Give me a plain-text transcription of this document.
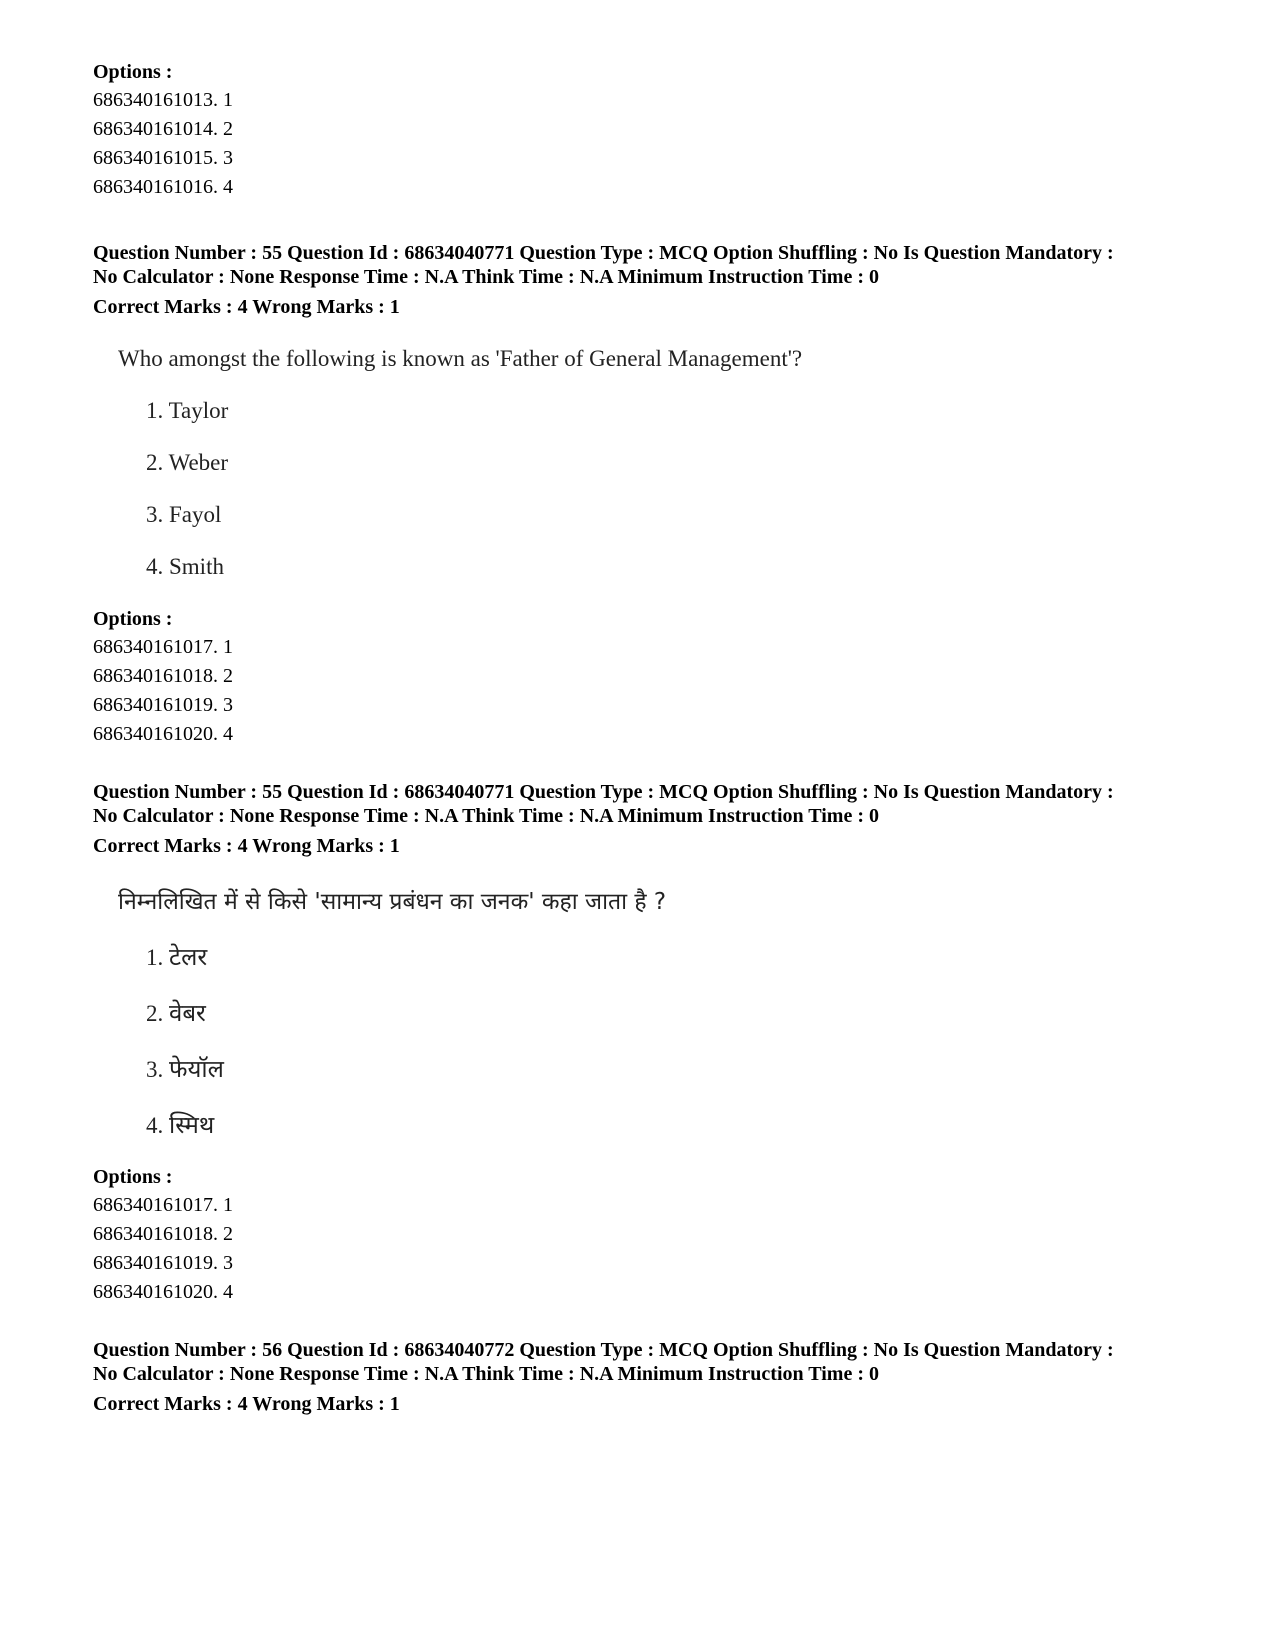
Options :
686340161013. 1
686340161014. 2
686340161015. 3
686340161016. 4
Question Number : 55 Question Id : 68634040771 Question Type : MCQ Option Shuffling : No Is Question Mandatory :
No Calculator : None Response Time : N.A Think Time : N.A Minimum Instruction Time : 0
Correct Marks : 4 Wrong Marks : 1
Who amongst the following is known as 'Father of General Management'?
1. Taylor
2. Weber
3. Fayol
4. Smith
Options :
686340161017. 1
686340161018. 2
686340161019. 3
686340161020. 4
Question Number : 55 Question Id : 68634040771 Question Type : MCQ Option Shuffling : No Is Question Mandatory :
No Calculator : None Response Time : N.A Think Time : N.A Minimum Instruction Time : 0
Correct Marks : 4 Wrong Marks : 1
निम्नलिखित में से किसे 'सामान्य प्रबंधन का जनक' कहा जाता है ?
1. टेलर
2. वेबर
3. फेयॉल
4. स्मिथ
Options :
686340161017. 1
686340161018. 2
686340161019. 3
686340161020. 4
Question Number : 56 Question Id : 68634040772 Question Type : MCQ Option Shuffling : No Is Question Mandatory :
No Calculator : None Response Time : N.A Think Time : N.A Minimum Instruction Time : 0
Correct Marks : 4 Wrong Marks : 1
